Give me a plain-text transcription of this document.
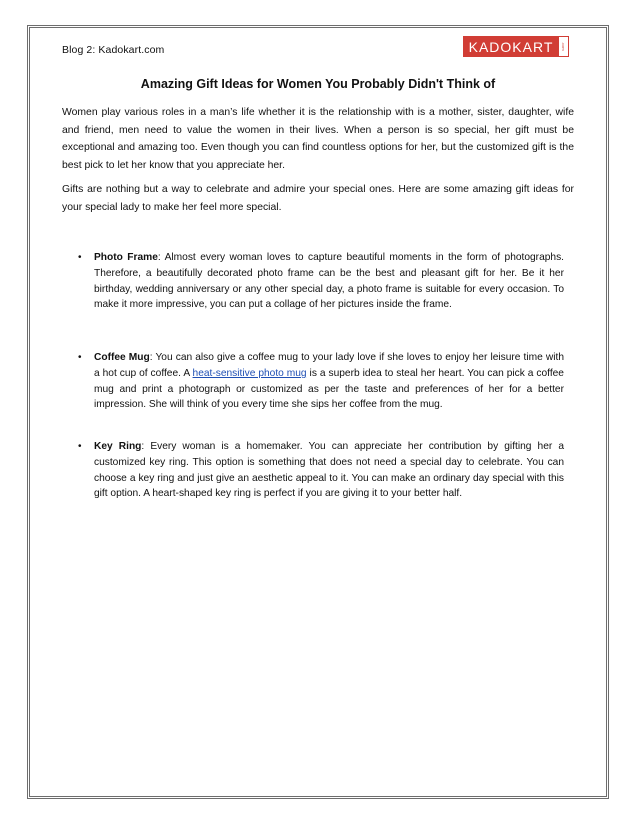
Blog 2: Kadokart.com	KADOKART	.com
Amazing Gift Ideas for Women You Probably Didn't Think of
Women play various roles in a man’s life whether it is the relationship with is a mother, sister, daughter, wife and friend, men need to value the women in their lives. When a person is so special, her gift must be exceptional and amazing too. Even though you can find countless options for her, but the customized gift is the best pick to let her know that you appreciate her.
Gifts are nothing but a way to celebrate and admire your special ones. Here are some amazing gift ideas for your special lady to make her feel more special.
• Photo Frame: Almost every woman loves to capture beautiful moments in the form of photographs. Therefore, a beautifully decorated photo frame can be the best and pleasant gift for her. Be it her birthday, wedding anniversary or any other special day, a photo frame is suitable for every occasion. To make it more impressive, you can put a collage of her pictures inside the frame.
• Coffee Mug: You can also give a coffee mug to your lady love if she loves to enjoy her leisure time with a hot cup of coffee. A heat-sensitive photo mug is a superb idea to steal her heart. You can pick a coffee mug and print a photograph or customized as per the taste and preferences of her for a better impression. She will think of you every time she sips her coffee from the mug.
• Key Ring: Every woman is a homemaker. You can appreciate her contribution by gifting her a customized key ring. This option is something that does not need a special day to celebrate. You can choose a key ring and just give an aesthetic appeal to it. You can make an ordinary day special with this gift option. A heart-shaped key ring is perfect if you are giving it to your better half.
